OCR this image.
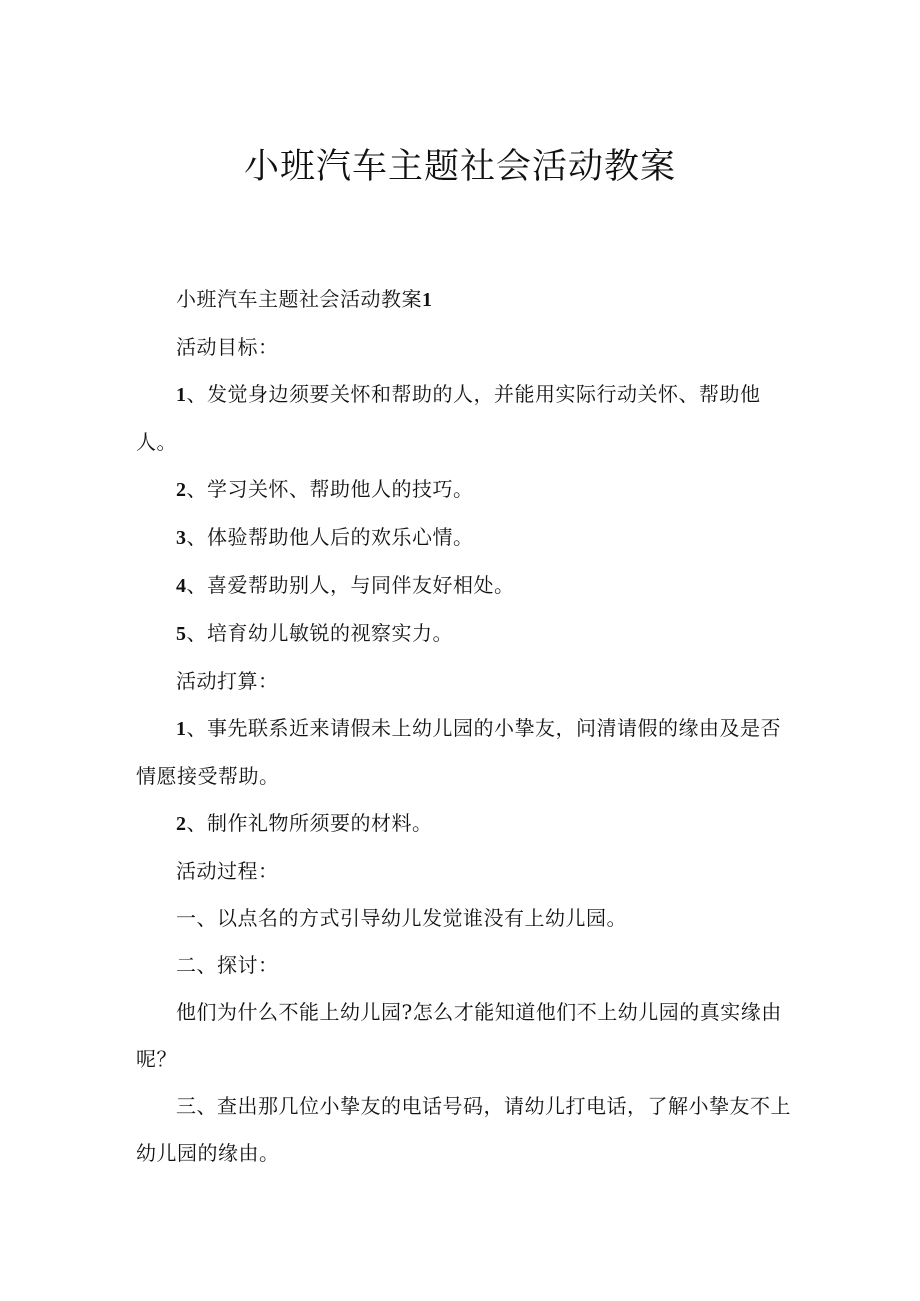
小班汽车主题社会活动教案

小班汽车主题社会活动教案1

活动目标：

1、发觉身边须要关怀和帮助的人，并能用实际行动关怀、帮助他人。

2、学习关怀、帮助他人的技巧。

3、体验帮助他人后的欢乐心情。

4、喜爱帮助别人，与同伴友好相处。

5、培育幼儿敏锐的视察实力。

活动打算：

1、事先联系近来请假未上幼儿园的小挚友，问清请假的缘由及是否情愿接受帮助。

2、制作礼物所须要的材料。

活动过程：

一、以点名的方式引导幼儿发觉谁没有上幼儿园。

二、探讨：

他们为什么不能上幼儿园?怎么才能知道他们不上幼儿园的真实缘由呢？

三、查出那几位小挚友的电话号码，请幼儿打电话，了解小挚友不上幼儿园的缘由。
